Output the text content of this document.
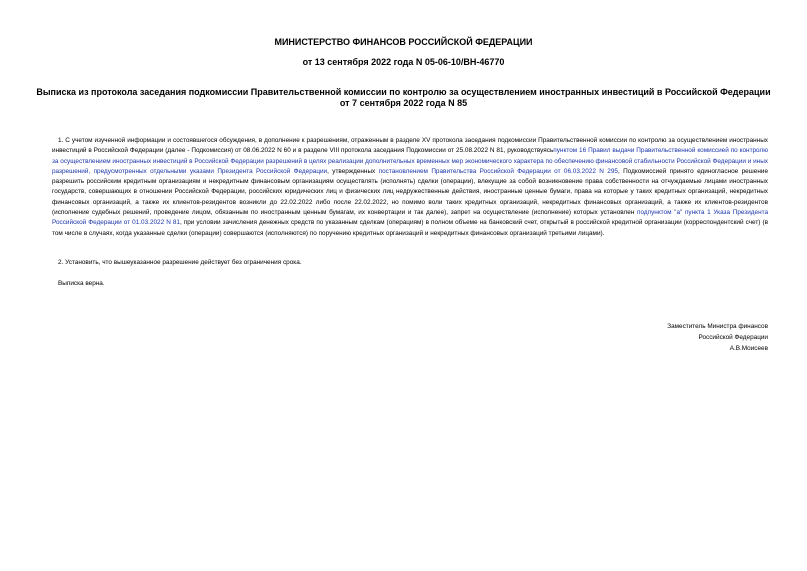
МИНИСТЕРСТВО ФИНАНСОВ РОССИЙСКОЙ ФЕДЕРАЦИИ
от 13 сентября 2022 года N 05-06-10/ВН-46770
Выписка из протокола заседания подкомиссии Правительственной комиссии по контролю за осуществлением иностранных инвестиций в Российской Федерации
от 7 сентября 2022 года N 85
1. С учетом изученной информации и состоявшегося обсуждения, в дополнение к разрешениям, отраженным в разделе XV протокола заседания подкомиссии Правительственной комиссии по контролю за осуществлением иностранных инвестиций в Российской Федерации (далее - Подкомиссия) от 08.06.2022 N 60 и в разделе VIII протокола заседания Подкомиссии от 25.08.2022 N 81, руководствуясьпунктом 16 Правил выдачи Правительственной комиссией по контролю за осуществлением иностранных инвестиций в Российской Федерации разрешений в целях реализации дополнительных временных мер экономического характера по обеспечению финансовой стабильности Российской Федерации и иных разрешений, предусмотренных отдельными указами Президента Российской Федерации, утвержденных постановлением Правительства Российской Федерации от 06.03.2022 N 295, Подкомиссией принято единогласное решение разрешить российским кредитным организациям и некредитным финансовым организациям осуществлять (исполнять) сделки (операции), влекущие за собой возникновение права собственности на отчуждаемые лицами иностранных государств, совершающих в отношении Российской Федерации, российских юридических лиц и физических лиц недружественные действия, иностранные ценные бумаги, права на которые у таких кредитных организаций, некредитных финансовых организаций, а также их клиентов-резидентов возникли до 22.02.2022 либо после 22.02.2022, но помимо воли таких кредитных организаций, некредитных финансовых организаций, а также их клиентов-резидентов (исполнение судебных решений, проведение лицом, обязанным по иностранным ценным бумагам, их конвертации и так далее), запрет на осуществление (исполнение) которых установлен подпунктом "а" пункта 1 Указа Президента Российской Федерации от 01.03.2022 N 81, при условии зачисления денежных средств по указанным сделкам (операциям) в полном объеме на банковский счет, открытый в российской кредитной организации (корреспондентский счет) (в том числе в случаях, когда указанные сделки (операции) совершаются (исполняются) по поручению кредитных организаций и некредитных финансовых организаций третьими лицами).
2. Установить, что вышеуказанное разрешение действует без ограничения срока.
Выписка верна.
Заместитель Министра финансов
Российской Федерации
А.В.Моисеев
